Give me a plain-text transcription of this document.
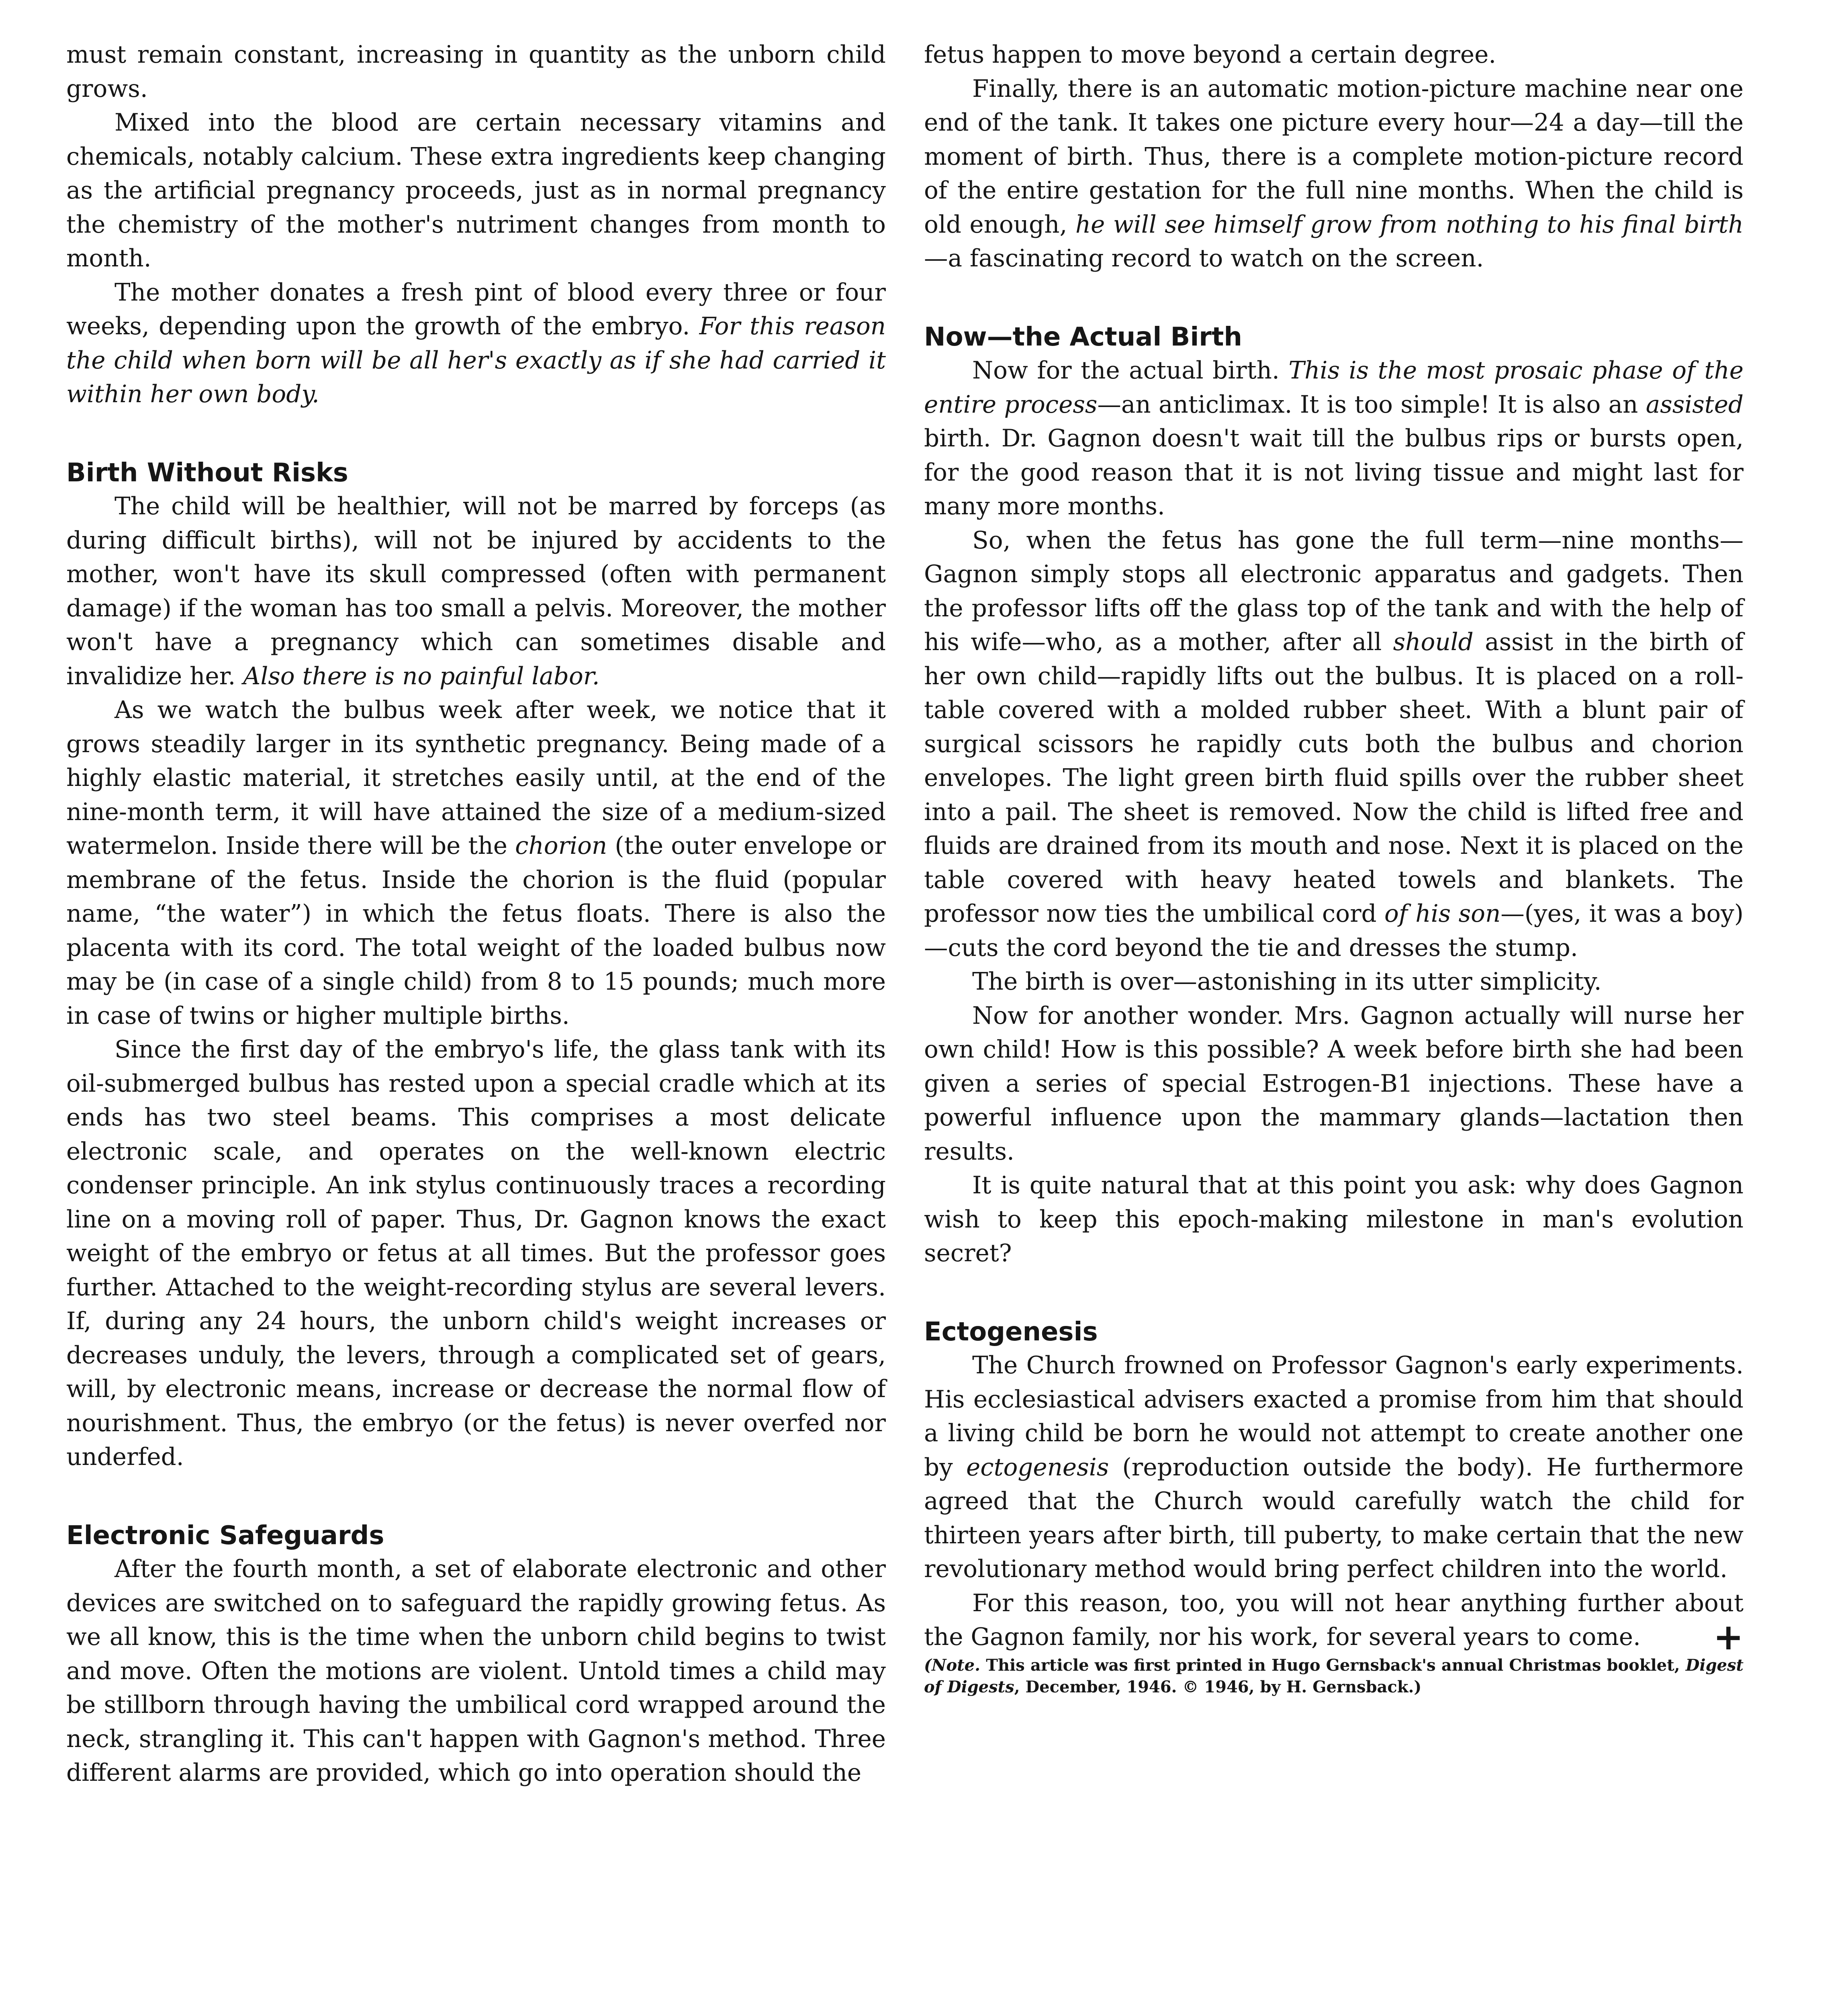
must remain constant, increasing in quantity as the unborn child grows.

Mixed into the blood are certain necessary vitamins and chemicals, notably calcium. These extra ingredients keep changing as the artificial pregnancy proceeds, just as in normal pregnancy the chemistry of the mother's nutriment changes from month to month.

The mother donates a fresh pint of blood every three or four weeks, depending upon the growth of the embryo. For this reason the child when born will be all her's exactly as if she had carried it within her own body.

Birth Without Risks

The child will be healthier, will not be marred by forceps (as during difficult births), will not be injured by accidents to the mother, won't have its skull compressed (often with permanent damage) if the woman has too small a pelvis. Moreover, the mother won't have a pregnancy which can sometimes disable and invalidize her. Also there is no painful labor.

As we watch the bulbus week after week, we notice that it grows steadily larger in its synthetic pregnancy. Being made of a highly elastic material, it stretches easily until, at the end of the nine-month term, it will have attained the size of a medium-sized watermelon. Inside there will be the chorion (the outer envelope or membrane of the fetus. Inside the chorion is the fluid (popular name, “the water”) in which the fetus floats. There is also the placenta with its cord. The total weight of the loaded bulbus now may be (in case of a single child) from 8 to 15 pounds; much more in case of twins or higher multiple births.

Since the first day of the embryo's life, the glass tank with its oil-submerged bulbus has rested upon a special cradle which at its ends has two steel beams. This comprises a most delicate electronic scale, and operates on the well-known electric condenser principle. An ink stylus continuously traces a recording line on a moving roll of paper. Thus, Dr. Gagnon knows the exact weight of the embryo or fetus at all times. But the professor goes further. Attached to the weight-recording stylus are several levers. If, during any 24 hours, the unborn child's weight increases or decreases unduly, the levers, through a complicated set of gears, will, by electronic means, increase or decrease the normal flow of nourishment. Thus, the embryo (or the fetus) is never overfed nor underfed.

Electronic Safeguards

After the fourth month, a set of elaborate electronic and other devices are switched on to safeguard the rapidly growing fetus. As we all know, this is the time when the unborn child begins to twist and move. Often the motions are violent. Untold times a child may be stillborn through having the umbilical cord wrapped around the neck, strangling it. This can't happen with Gagnon's method. Three different alarms are provided, which go into operation should the

fetus happen to move beyond a certain degree.

Finally, there is an automatic motion-picture machine near one end of the tank. It takes one picture every hour—24 a day—till the moment of birth. Thus, there is a complete motion-picture record of the entire gestation for the full nine months. When the child is old enough, he will see himself grow from nothing to his final birth—a fascinating record to watch on the screen.

Now—the Actual Birth

Now for the actual birth. This is the most prosaic phase of the entire process—an anticlimax. It is too simple! It is also an assisted birth. Dr. Gagnon doesn't wait till the bulbus rips or bursts open, for the good reason that it is not living tissue and might last for many more months.

So, when the fetus has gone the full term—nine months—Gagnon simply stops all electronic apparatus and gadgets. Then the professor lifts off the glass top of the tank and with the help of his wife—who, as a mother, after all should assist in the birth of her own child—rapidly lifts out the bulbus. It is placed on a roll-table covered with a molded rubber sheet. With a blunt pair of surgical scissors he rapidly cuts both the bulbus and chorion envelopes. The light green birth fluid spills over the rubber sheet into a pail. The sheet is removed. Now the child is lifted free and fluids are drained from its mouth and nose. Next it is placed on the table covered with heavy heated towels and blankets. The professor now ties the umbilical cord of his son—(yes, it was a boy)—cuts the cord beyond the tie and dresses the stump.

The birth is over—astonishing in its utter simplicity.

Now for another wonder. Mrs. Gagnon actually will nurse her own child! How is this possible? A week before birth she had been given a series of special Estrogen-B1 injections. These have a powerful influence upon the mammary glands—lactation then results.

It is quite natural that at this point you ask: why does Gagnon wish to keep this epoch-making milestone in man's evolution secret?

Ectogenesis

The Church frowned on Professor Gagnon's early experiments. His ecclesiastical advisers exacted a promise from him that should a living child be born he would not attempt to create another one by ectogenesis (reproduction outside the body). He furthermore agreed that the Church would carefully watch the child for thirteen years after birth, till puberty, to make certain that the new revolutionary method would bring perfect children into the world.

For this reason, too, you will not hear anything further about the Gagnon family, nor his work, for several years to come.	+

(Note. This article was first printed in Hugo Gernsback's annual Christmas booklet, Digest of Digests, December, 1946. © 1946, by H. Gernsback.)
